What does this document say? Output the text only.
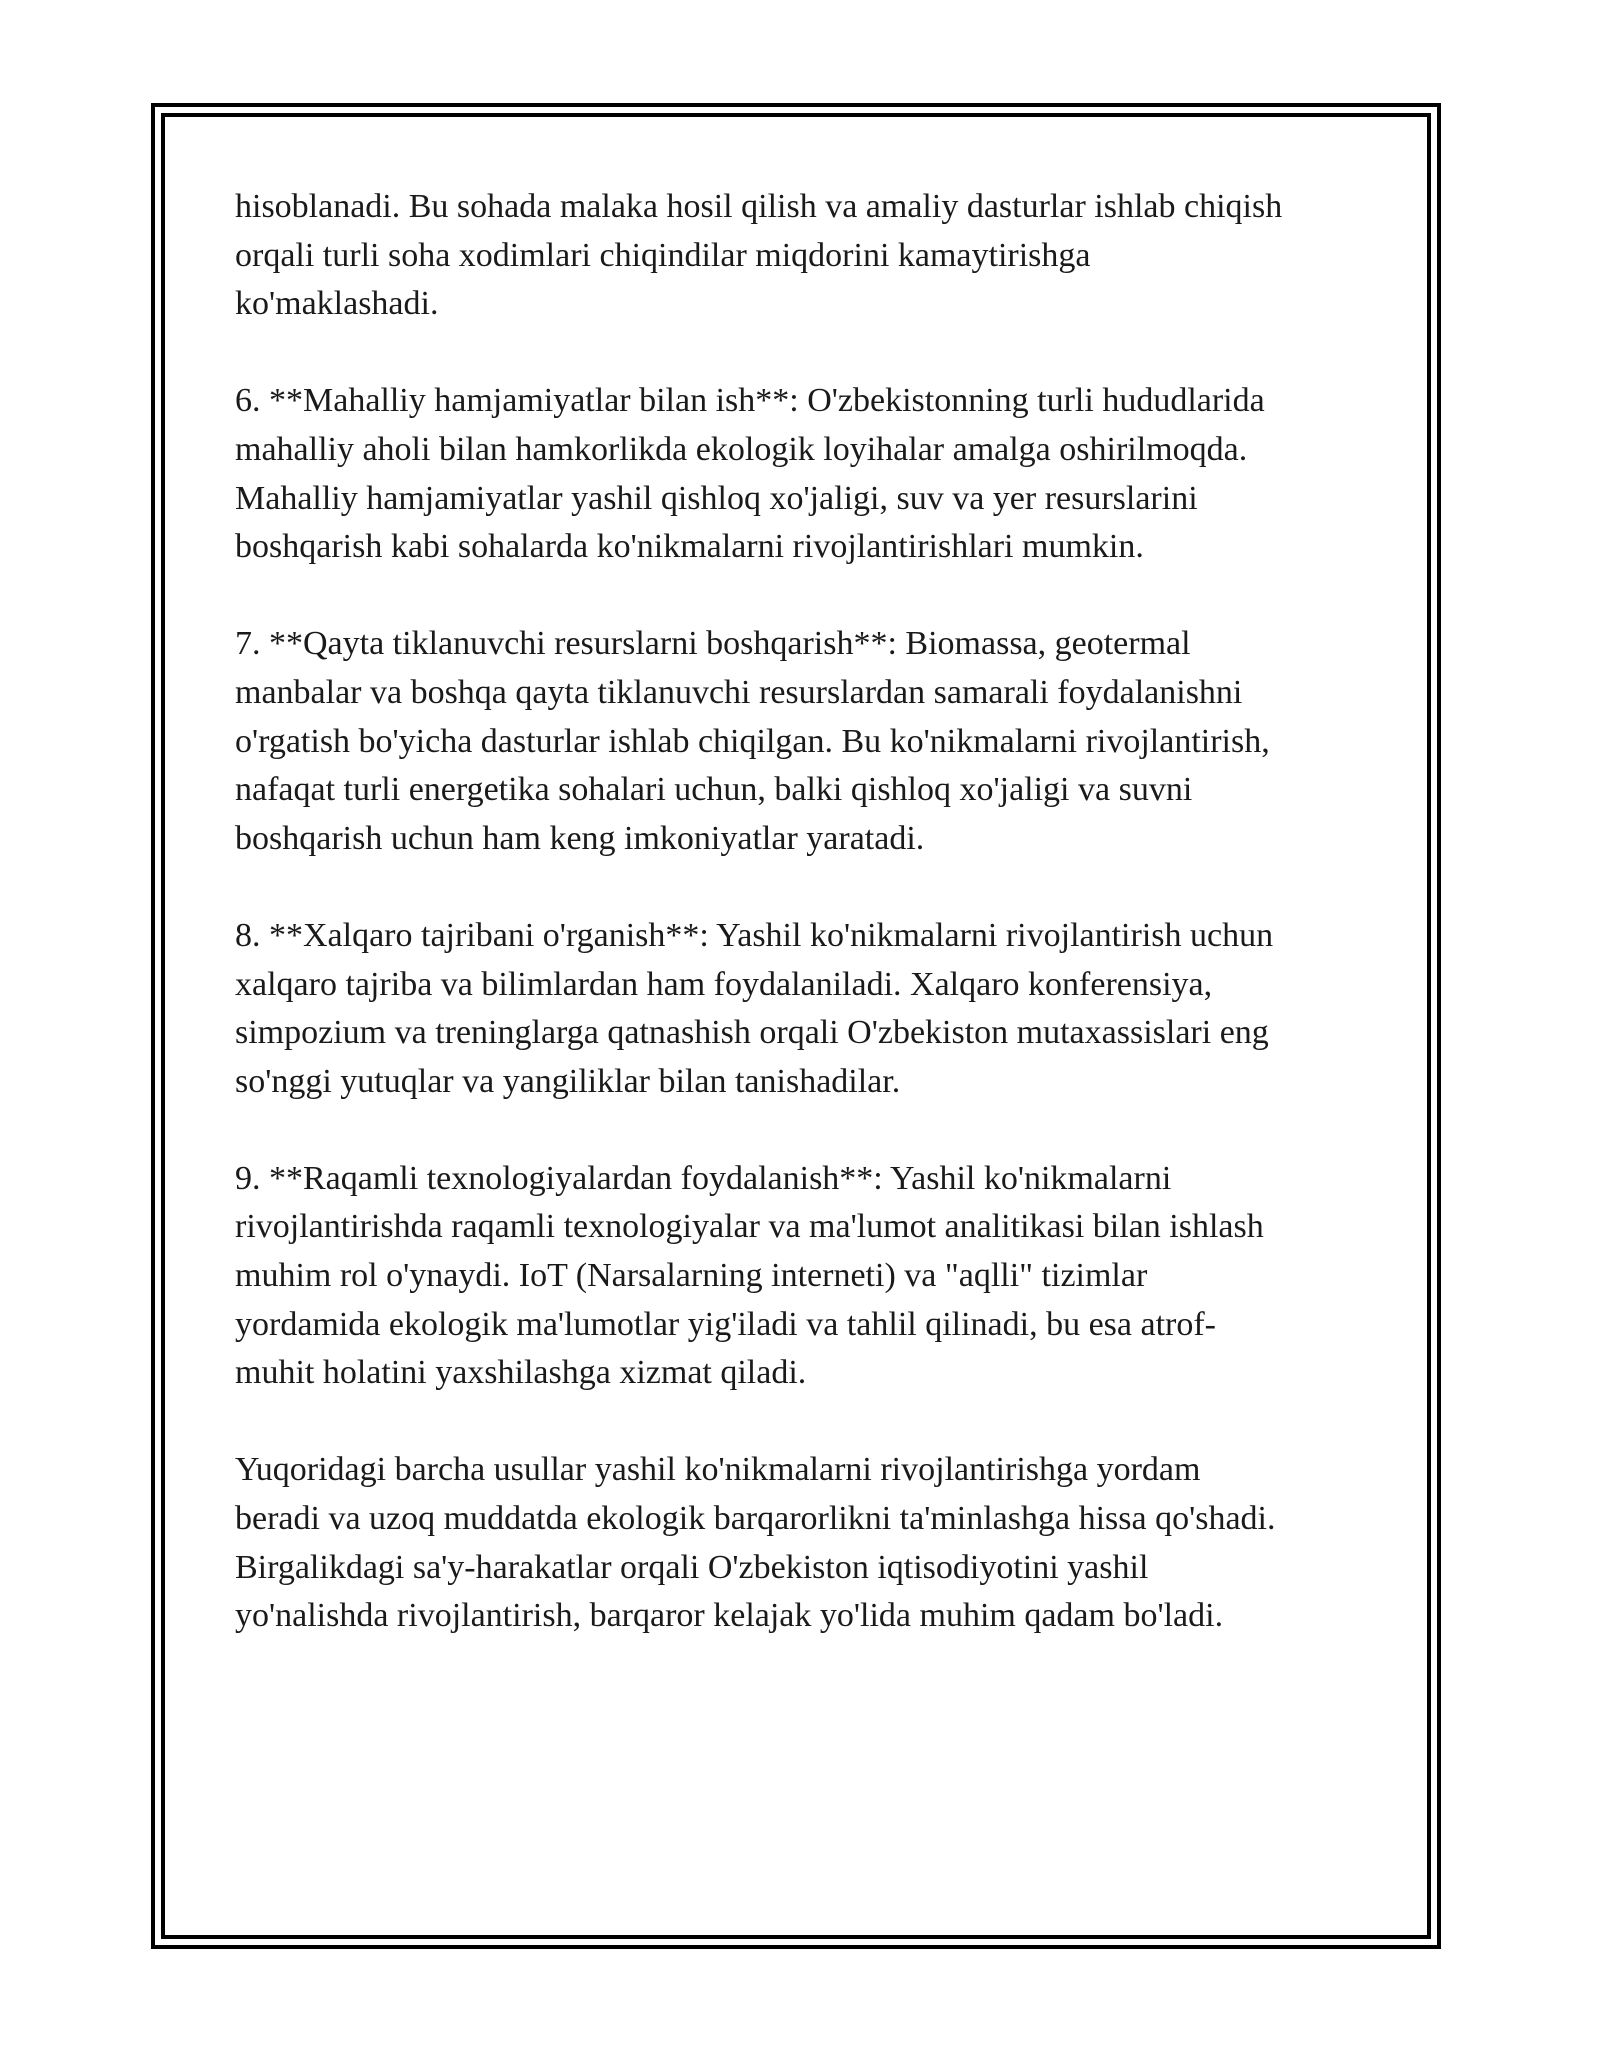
hisoblanadi. Bu sohada malaka hosil qilish va amaliy dasturlar ishlab chiqish
orqali turli soha xodimlari chiqindilar miqdorini kamaytirishga
ko'maklashadi.

6. **Mahalliy hamjamiyatlar bilan ish**: O'zbekistonning turli hududlarida
mahalliy aholi bilan hamkorlikda ekologik loyihalar amalga oshirilmoqda.
Mahalliy hamjamiyatlar yashil qishloq xo'jaligi, suv va yer resurslarini
boshqarish kabi sohalarda ko'nikmalarni rivojlantirishlari mumkin.

7. **Qayta tiklanuvchi resurslarni boshqarish**: Biomassa, geotermal
manbalar va boshqa qayta tiklanuvchi resurslardan samarali foydalanishni
o'rgatish bo'yicha dasturlar ishlab chiqilgan. Bu ko'nikmalarni rivojlantirish,
nafaqat turli energetika sohalari uchun, balki qishloq xo'jaligi va suvni
boshqarish uchun ham keng imkoniyatlar yaratadi.

8. **Xalqaro tajribani o'rganish**: Yashil ko'nikmalarni rivojlantirish uchun
xalqaro tajriba va bilimlardan ham foydalaniladi. Xalqaro konferensiya,
simpozium va treninglarga qatnashish orqali O'zbekiston mutaxassislari eng
so'nggi yutuqlar va yangiliklar bilan tanishadilar.

9. **Raqamli texnologiyalardan foydalanish**: Yashil ko'nikmalarni
rivojlantirishda raqamli texnologiyalar va ma'lumot analitikasi bilan ishlash
muhim rol o'ynaydi. IoT (Narsalarning interneti) va "aqlli" tizimlar
yordamida ekologik ma'lumotlar yig'iladi va tahlil qilinadi, bu esa atrof-
muhit holatini yaxshilashga xizmat qiladi.

Yuqoridagi barcha usullar yashil ko'nikmalarni rivojlantirishga yordam
beradi va uzoq muddatda ekologik barqarorlikni ta'minlashga hissa qo'shadi.
Birgalikdagi sa'y-harakatlar orqali O'zbekiston iqtisodiyotini yashil
yo'nalishda rivojlantirish, barqaror kelajak yo'lida muhim qadam bo'ladi.
